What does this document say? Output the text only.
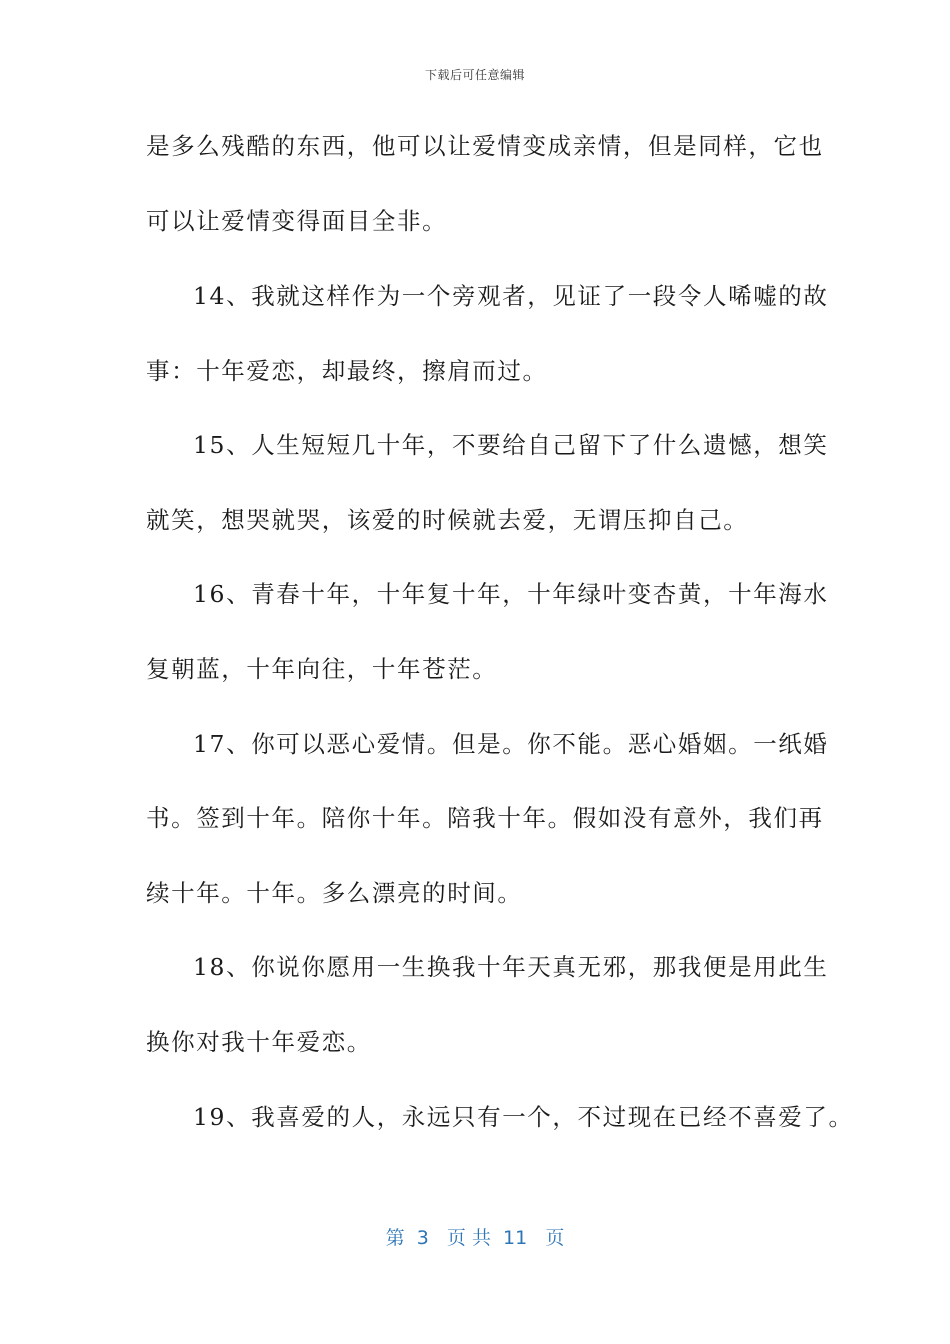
下载后可任意编辑
是多么残酷的东西，他可以让爱情变成亲情，但是同样，它也
可以让爱情变得面目全非。
14、我就这样作为一个旁观者，见证了一段令人唏嘘的故
事：十年爱恋，却最终，擦肩而过。
15、人生短短几十年，不要给自己留下了什么遗憾，想笑
就笑，想哭就哭，该爱的时候就去爱，无谓压抑自己。
16、青春十年，十年复十年，十年绿叶变杏黄，十年海水
复朝蓝，十年向往，十年苍茫。
17、你可以恶心爱情。但是。你不能。恶心婚姻。一纸婚
书。签到十年。陪你十年。陪我十年。假如没有意外，我们再
续十年。十年。多么漂亮的时间。
18、你说你愿用一生换我十年天真无邪，那我便是用此生
换你对我十年爱恋。
19、我喜爱的人，永远只有一个，不过现在已经不喜爱了。
第  3   页 共  11   页
